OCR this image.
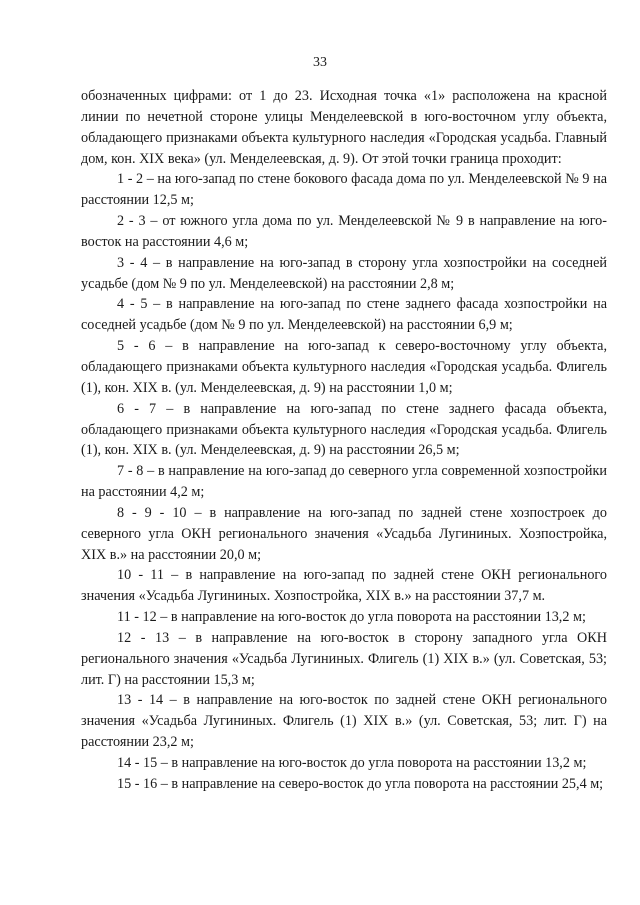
33

обозначенных цифрами: от 1 до 23. Исходная точка «1» расположена на красной линии по нечетной стороне улицы Менделеевской в юго-восточном углу объекта, обладающего признаками объекта культурного наследия «Городская усадьба. Главный дом, кон. XIX века» (ул. Менделеевская, д. 9). От этой точки граница проходит:

1 - 2 – на юго-запад по стене бокового фасада дома по ул. Менделеевской № 9 на расстоянии 12,5 м;

2 - 3 – от южного угла дома по ул. Менделеевской № 9 в направление на юго-восток на расстоянии 4,6 м;

3 - 4 – в направление на юго-запад в сторону угла хозпостройки на соседней усадьбе (дом № 9 по ул. Менделеевской) на расстоянии 2,8 м;

4 - 5 – в направление на юго-запад по стене заднего фасада хозпостройки на соседней усадьбе (дом № 9 по ул. Менделеевской) на расстоянии 6,9 м;

5 - 6 – в направление на юго-запад к северо-восточному углу объекта, обладающего признаками объекта культурного наследия «Городская усадьба. Флигель (1), кон. XIX в. (ул. Менделеевская, д. 9) на расстоянии 1,0 м;

6 - 7 – в направление на юго-запад по стене заднего фасада объекта, обладающего признаками объекта культурного наследия «Городская усадьба. Флигель (1), кон. XIX в. (ул. Менделеевская, д. 9) на расстоянии 26,5 м;

7 - 8 – в направление на юго-запад до северного угла современной хозпостройки на расстоянии 4,2 м;

8 - 9 - 10 – в направление на юго-запад по задней стене хозпостроек до северного угла ОКН регионального значения «Усадьба Лугининых. Хозпостройка, XIX в.» на расстоянии 20,0 м;

10 - 11 – в направление на юго-запад по задней стене ОКН регионального значения «Усадьба Лугининых. Хозпостройка, XIX в.» на расстоянии 37,7 м.

11 - 12 – в направление на юго-восток до угла поворота на расстоянии 13,2 м;

12 - 13 – в направление на юго-восток в сторону западного угла ОКН регионального значения «Усадьба Лугининых. Флигель (1) XIX в.» (ул. Советская, 53; лит. Г) на расстоянии 15,3 м;

13 - 14 – в направление на юго-восток по задней стене ОКН регионального значения «Усадьба Лугининых. Флигель (1) XIX в.» (ул. Советская, 53; лит. Г) на расстоянии 23,2 м;

14 - 15 – в направление на юго-восток до угла поворота на расстоянии 13,2 м;

15 - 16 – в направление на северо-восток до угла поворота на расстоянии 25,4 м;
